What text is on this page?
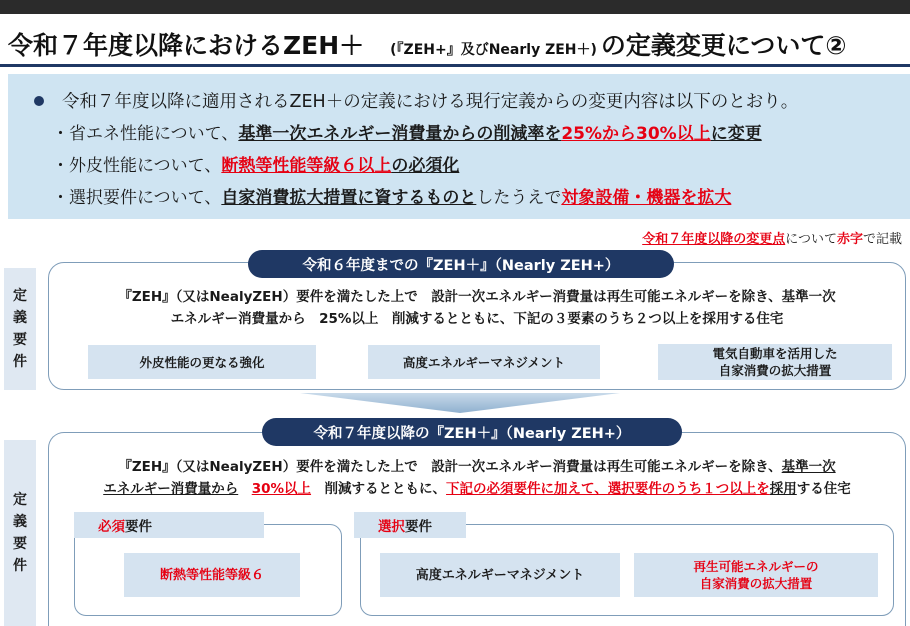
令和７年度以降におけるZEH＋ (『ZEH+』及びNearly ZEH＋) の定義変更について②
令和７年度以降に適用されるZEH＋の定義における現行定義からの変更内容は以下のとおり。
・省エネ性能について、基準一次エネルギー消費量からの削減率を25%から30%以上に変更
・外皮性能について、断熱等性能等級６以上の必須化
・選択要件について、自家消費拡大措置に資するものとしたうえで対象設備・機器を拡大
令和７年度以降の変更点について赤字で記載
定
義
要
件
令和６年度までの『ZEH＋』（Nearly ZEH+）
『ZEH』（又はNealyZEH）要件を満たした上で　設計一次エネルギー消費量は再生可能エネルギーを除き、基準一次
エネルギー消費量から　25%以上　削減するとともに、下記の３要素のうち２つ以上を採用する住宅
外皮性能の更なる強化	高度エネルギーマネジメント
電気自動車を活用した
自家消費の拡大措置
定
義
要
件
令和７年度以降の『ZEH＋』（Nearly ZEH+）
『ZEH』（又はNealyZEH）要件を満たした上で　設計一次エネルギー消費量は再生可能エネルギーを除き、基準一次
エネルギー消費量から　 30%以上　 削減するとともに、下記の必須要件に加えて、選択要件のうち１つ以上を採用する住宅
必須 要件	選択 要件
断熱等性能等級６	高度エネルギーマネジメント
再生可能エネルギーの
自家消費の拡大措置
